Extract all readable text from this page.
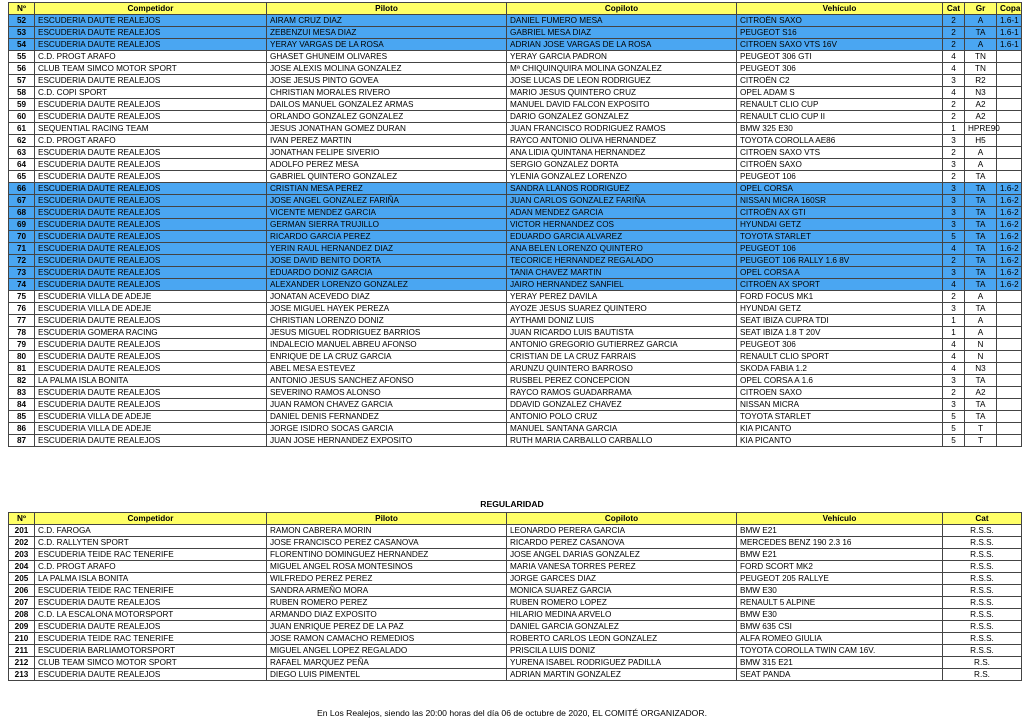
Nº	Competidor	Piloto	Copiloto	Vehículo	Cat	Gr	Copa
52	ESCUDERIA DAUTE REALEJOS	AIRAM CRUZ DIAZ	DANIEL FUMERO MESA	CITROËN SAXO	2	A	1.6-1
53	ESCUDERIA DAUTE REALEJOS	ZEBENZUI MESA DIAZ	GABRIEL MESA DIAZ	PEUGEOT S16	2	TA	1.6-1
54	ESCUDERIA DAUTE REALEJOS	YERAY VARGAS DE LA ROSA	ADRIAN JOSE VARGAS DE LA ROSA	CITROEN SAXO VTS 16V	2	A	1.6-1
55	C.D. PROGT ARAFO	GHASET GHUNEIM OLIVARES	YERAY GARCIA PADRON	PEUGEOT 306 GTI	4	TN	
56	CLUB TEAM SIMCO MOTOR SPORT	JOSE ALEXIS MOLINA GONZALEZ	Mª CHIQUINQUIRA MOLINA GONZALEZ	PEUGEOT 306	4	TN	
57	ESCUDERIA DAUTE REALEJOS	JOSE JESUS PINTO GOVEA	JOSE LUCAS DE LEON RODRIGUEZ	CITROËN C2	3	R2	
58	C.D. COPI SPORT	CHRISTIAN MORALES RIVERO	MARIO JESUS QUINTERO CRUZ	OPEL ADAM S	4	N3	
59	ESCUDERIA DAUTE REALEJOS	DAILOS MANUEL GONZALEZ ARMAS	MANUEL DAVID FALCON EXPOSITO	RENAULT CLIO CUP	2	A2	
60	ESCUDERIA DAUTE REALEJOS	ORLANDO GONZALEZ GONZALEZ	DARIO GONZALEZ GONZALEZ	RENAULT CLIO CUP II	2	A2	
61	SEQUENTIAL RACING TEAM	JESUS JONATHAN GOMEZ DURAN	JUAN FRANCISCO RODRIGUEZ RAMOS	BMW 325 E30	1	HPRE90	
62	C.D. PROGT ARAFO	IVAN PEREZ MARTIN	RAYCO ANTONIO OLIVA HERNANDEZ	TOYOTA COROLLA AE86	3	H5	
63	ESCUDERIA DAUTE REALEJOS	JONATHAN FELIPE SIVERIO	ANA LIDIA QUINTANA HERNANDEZ	CITROEN SAXO VTS	2	A	
64	ESCUDERIA DAUTE REALEJOS	ADOLFO PEREZ MESA	SERGIO GONZALEZ DORTA	CITROËN SAXO	3	A	
65	ESCUDERIA DAUTE REALEJOS	GABRIEL QUINTERO GONZALEZ	YLENIA GONZALEZ LORENZO	PEUGEOT 106	2	TA	
66	ESCUDERIA DAUTE REALEJOS	CRISTIAN MESA PEREZ	SANDRA LLANOS RODRIGUEZ	OPEL CORSA	3	TA	1.6-2
67	ESCUDERIA DAUTE REALEJOS	JOSE ANGEL GONZALEZ FARIÑA	JUAN CARLOS GONZALEZ FARIÑA	NISSAN MICRA 160SR	3	TA	1.6-2
68	ESCUDERIA DAUTE REALEJOS	VICENTE MENDEZ GARCIA	ADAN MENDEZ GARCIA	CITROËN AX GTI	3	TA	1.6-2
69	ESCUDERIA DAUTE REALEJOS	GERMAN SIERRA TRUJILLO	VICTOR HERNANDEZ COS	HYUNDAI GETZ	3	TA	1.6-2
70	ESCUDERIA DAUTE REALEJOS	RICARDO GARCIA PEREZ	EDUARDO GARCIA ALVAREZ	TOYOTA STARLET	5	TA	1.6-2
71	ESCUDERIA DAUTE REALEJOS	YERIN RAUL HERNANDEZ DIAZ	ANA BELEN LORENZO QUINTERO	PEUGEOT 106	4	TA	1.6-2
72	ESCUDERIA DAUTE REALEJOS	JOSE DAVID BENITO DORTA	TECORICE HERNANDEZ REGALADO	PEUGEOT 106 RALLY 1.6 8V	2	TA	1.6-2
73	ESCUDERIA DAUTE REALEJOS	EDUARDO DONIZ GARCIA	TANIA CHAVEZ MARTIN	OPEL CORSA A	3	TA	1.6-2
74	ESCUDERIA DAUTE REALEJOS	ALEXANDER LORENZO GONZALEZ	JAIRO HERNANDEZ SANFIEL	CITROËN AX SPORT	4	TA	1.6-2
75	ESCUDERIA VILLA DE ADEJE	JONATAN ACEVEDO DIAZ	YERAY PEREZ DAVILA	FORD FOCUS MK1	2	A	
76	ESCUDERIA VILLA DE ADEJE	JOSE MIGUEL HAYEK PEREZA	AYOZE JESUS SUAREZ QUINTERO	HYUNDAI GETZ	3	TA	
77	ESCUDERIA DAUTE REALEJOS	CHRISTIAN LORENZO DONIZ	AYTHAMI DONIZ LUIS	SEAT IBIZA CUPRA TDI	1	A	
78	ESCUDERIA GOMERA RACING	JESUS MIGUEL RODRIGUEZ BARRIOS	JUAN RICARDO LUIS BAUTISTA	SEAT IBIZA 1.8 T 20V	1	A	
79	ESCUDERIA DAUTE REALEJOS	INDALECIO MANUEL ABREU AFONSO	ANTONIO GREGORIO GUTIERREZ GARCIA	PEUGEOT 306	4	N	
80	ESCUDERIA DAUTE REALEJOS	ENRIQUE DE LA CRUZ GARCIA	CRISTIAN DE LA CRUZ FARRAIS	RENAULT CLIO SPORT	4	N	
81	ESCUDERIA DAUTE REALEJOS	ABEL MESA ESTEVEZ	ARUNZU QUINTERO BARROSO	SKODA FABIA 1.2	4	N3	
82	LA PALMA ISLA BONITA	ANTONIO JESUS SANCHEZ AFONSO	RUSBEL PEREZ CONCEPCION	OPEL CORSA A 1.6	3	TA	
83	ESCUDERIA DAUTE REALEJOS	SEVERINO RAMOS ALONSO	RAYCO RAMOS GUADARRAMA	CITROEN SAXO	2	A2	
84	ESCUDERIA DAUTE REALEJOS	JUAN RAMON CHAVEZ GARCIA	DDAVID GONZALEZ CHAVEZ	NISSAN MICRA	3	TA	
85	ESCUDERIA VILLA DE ADEJE	DANIEL DENIS FERNANDEZ	ANTONIO POLO CRUZ	TOYOTA STARLET	5	TA	
86	ESCUDERIA VILLA DE ADEJE	JORGE ISIDRO SOCAS GARCIA	MANUEL SANTANA GARCIA	KIA PICANTO	5	T	
87	ESCUDERIA DAUTE REALEJOS	JUAN JOSE HERNANDEZ EXPOSITO	RUTH MARIA CARBALLO CARBALLO	KIA PICANTO	5	T	
REGULARIDAD
Nº	Competidor	Piloto	Copiloto	Vehículo	Cat
201	C.D. FAROGA	RAMON CABRERA MORIN	LEONARDO PERERA GARCIA	BMW E21	R.S.S.
202	C.D. RALLYTEN SPORT	JOSE FRANCISCO PEREZ CASANOVA	RICARDO PEREZ CASANOVA	MERCEDES BENZ 190 2.3 16	R.S.S.
203	ESCUDERIA TEIDE RAC TENERIFE	FLORENTINO DOMINGUEZ HERNANDEZ	JOSE ANGEL DARIAS GONZALEZ	BMW E21	R.S.S.
204	C.D. PROGT ARAFO	MIGUEL ANGEL ROSA MONTESINOS	MARIA VANESA TORRES PEREZ	FORD SCORT MK2	R.S.S.
205	LA PALMA ISLA BONITA	WILFREDO PEREZ PEREZ	JORGE GARCES DIAZ	PEUGEOT 205 RALLYE	R.S.S.
206	ESCUDERIA TEIDE RAC TENERIFE	SANDRA ARMEÑO MORA	MONICA SUAREZ GARCIA	BMW E30	R.S.S.
207	ESCUDERIA DAUTE REALEJOS	RUBEN ROMERO PEREZ	RUBEN ROMERO LOPEZ	RENAULT 5 ALPINE	R.S.S.
208	C.D. LA ESCALONA MOTORSPORT	ARMANDO DIAZ EXPOSITO	HILARIO MEDINA ARVELO	BMW E30	R.S.S.
209	ESCUDERIA DAUTE REALEJOS	JUAN ENRIQUE PEREZ DE LA PAZ	DANIEL GARCIA GONZALEZ	BMW 635 CSI	R.S.S.
210	ESCUDERIA TEIDE RAC TENERIFE	JOSE RAMON CAMACHO REMEDIOS	ROBERTO CARLOS LEON GONZALEZ	ALFA ROMEO GIULIA	R.S.S.
211	ESCUDERIA BARLIAMOTORSPORT	MIGUEL ANGEL LOPEZ REGALADO	PRISCILA LUIS DONIZ	TOYOTA COROLLA TWIN CAM 16V.	R.S.S.
212	CLUB TEAM SIMCO MOTOR SPORT	RAFAEL MARQUEZ PEÑA	YURENA ISABEL RODRIGUEZ PADILLA	BMW 315 E21	R.S.
213	ESCUDERIA DAUTE REALEJOS	DIEGO LUIS PIMENTEL	ADRIAN MARTIN GONZALEZ	SEAT PANDA	R.S.
En Los Realejos, siendo las 20:00 horas del día 06 de octubre de 2020, EL COMITÉ ORGANIZADOR.
